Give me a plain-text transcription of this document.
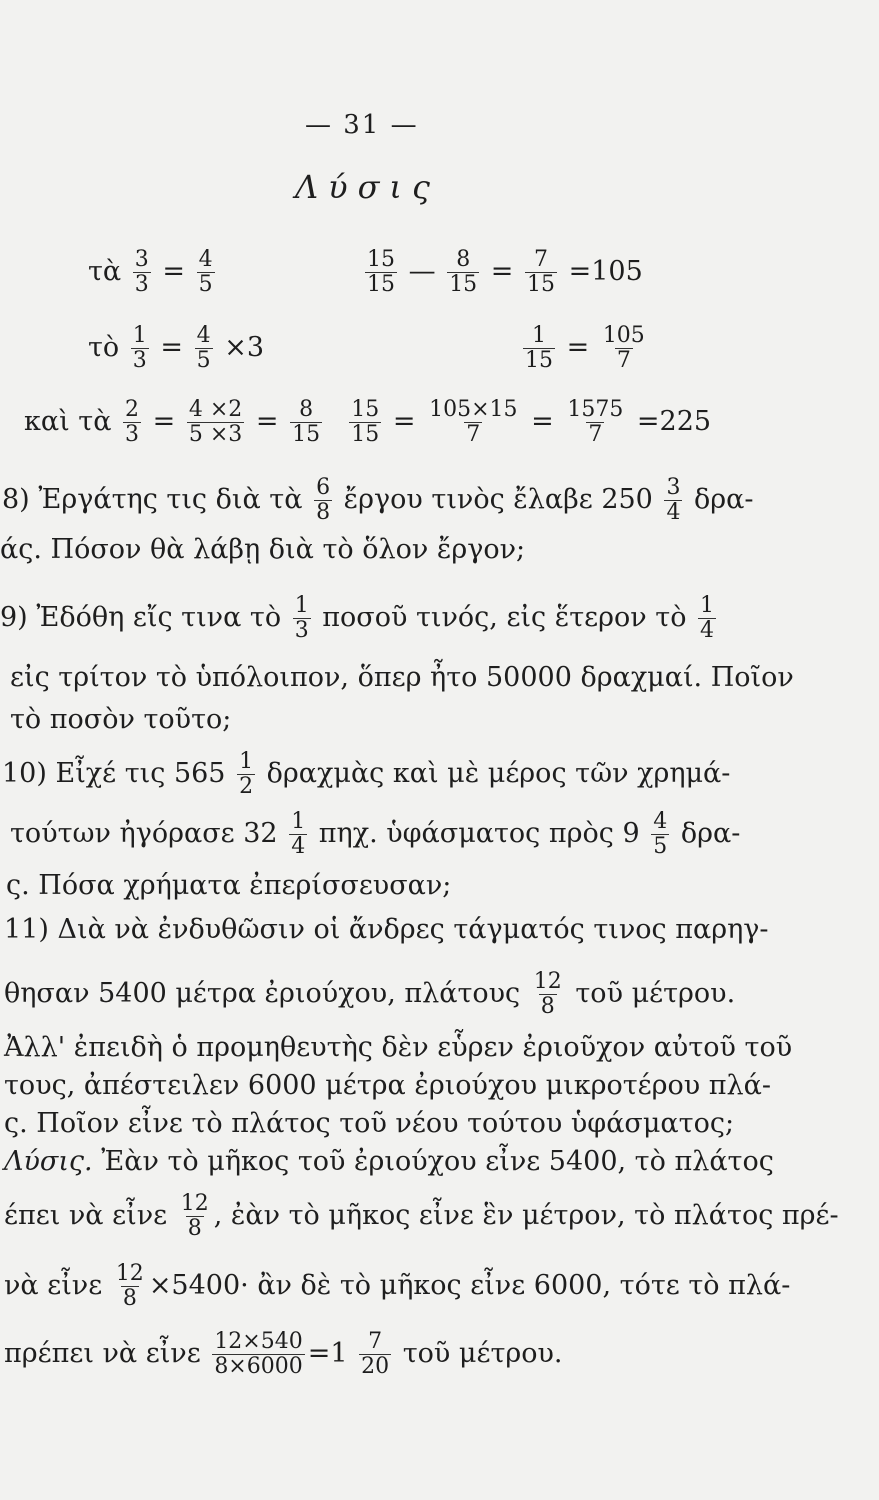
— 31 —
Λύσις
τὰ $\frac{3}{3} = \frac{4}{5}$	$\frac{15}{15}$ — $\frac{8}{15} = \frac{7}{15} =105$
τὸ $\frac{1}{3} = \frac{4}{5} \times 3$	$\frac{1}{15} = \frac{105}{7}$
καὶ τὰ $\frac{2}{3} = \frac{4 \times 2}{5 \times 3} = \frac{8}{15}$
$\frac{15}{15} = \frac{105\times 15}{7} = \frac{1575}{7} =225$
8) Ἐργάτης τις διὰ τὰ $\frac{6}{8}$ ἔργου τινὸς ἔλαβε $250 \frac{3}{4} \delta\rho\alpha-$
άς. Πόσον θὰ λάβῃ διὰ τὸ ὅλον ἔργον;
9) Ἐδόθη εἴς τινα τὸ $\frac{1}{3}$ ποσοῦ τινός, εἰς ἕτερον τὸ $\frac{1}{4}$
εἰς τρίτον τὸ ὑπόλοιπον, ὅπερ ἦτο 50000 δραχμαί. Ποῖον
τὸ ποσὸν τοῦτο;
10) Εἶχέ τις $565 \frac{1}{2}$ δραχμὰς καὶ μὲ μέρος τῶν χρημά-
τούτων ἠγόρασε $32 \frac{1}{4} \pi\eta\chi$. ὑφάσματος πρὸς $9 \frac{4}{5} \delta\rho\alpha-$
ς. Πόσα χρήματα ἐπερίσσευσαν;
11) Διὰ νὰ ἐνδυθῶσιν οἱ ἄνδρες τάγματός τινος παρηγ-
θησαν 5400 μέτρα ἐριούχου, πλάτους $\frac{12}{8}$ τοῦ μέτρου.
Ἀλλ' ἐπειδὴ ὁ προμηθευτὴς δὲν εὗρεν ἐριοῦχον αὐτοῦ τοῦ
τους, ἀπέστειλεν 6000 μέτρα ἐριούχου μικροτέρου πλά-
ς. Ποῖον εἶνε τὸ πλάτος τοῦ νέου τούτου ὑφάσματος;
Λύσις. Ἐὰν τὸ μῆκος τοῦ ἐριούχου εἶνε 5400, τὸ πλάτος
έπει νὰ εἶνε $\frac{12}{8}$ , ἐὰν τὸ μῆκος εἶνε ἓν μέτρον, τὸ πλάτος πρέ-
νὰ εἶνε $\frac{12}{8} \times 5400\cdot$ ἂν δὲ τὸ μῆκος εἶνε 6000, τότε τὸ πλά-
πρέπει νὰ εἶνε $\frac{12\times 540}{8\times 6000} =1 \frac{7}{20}$ τοῦ μέτρου.
